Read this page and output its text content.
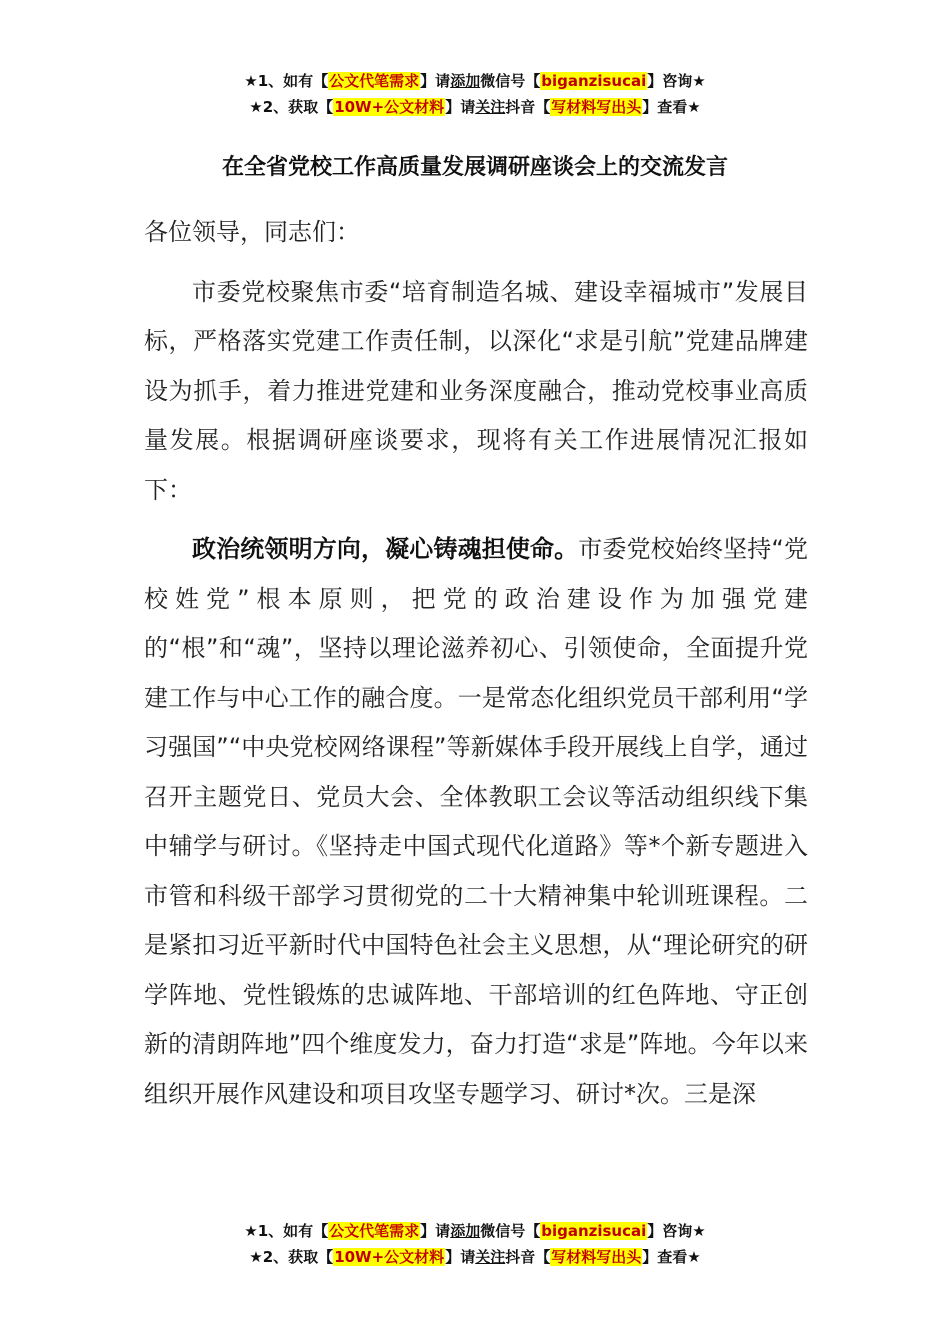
★1、如有【公文代笔需求】请添加微信号【biganzisucai】咨询★
★2、获取【10W+公文材料】请关注抖音【写材料写出头】查看★
在全省党校工作高质量发展调研座谈会上的交流发言

各位领导，同志们：

市委党校聚焦市委“培育制造名城、建设幸福城市”发展目标，严格落实党建工作责任制，以深化“求是引航”党建品牌建设为抓手，着力推进党建和业务深度融合，推动党校事业高质量发展。根据调研座谈要求，现将有关工作进展情况汇报如下：

政治统领明方向，凝心铸魂担使命。市委党校始终坚持“党校姓党”根本原则，把党的政治建设作为加强党建的“根”和“魂”，坚持以理论滋养初心、引领使命，全面提升党建工作与中心工作的融合度。一是常态化组织党员干部利用“学习强国”“中央党校网络课程”等新媒体手段开展线上自学，通过召开主题党日、党员大会、全体教职工会议等活动组织线下集中辅学与研讨。《坚持走中国式现代化道路》等*个新专题进入市管和科级干部学习贯彻党的二十大精神集中轮训班课程。二是紧扣习近平新时代中国特色社会主义思想，从“理论研究的研学阵地、党性锻炼的忠诚阵地、干部培训的红色阵地、守正创新的清朗阵地”四个维度发力，奋力打造“求是”阵地。今年以来组织开展作风建设和项目攻坚专题学习、研讨*次。三是深

★1、如有【公文代笔需求】请添加微信号【biganzisucai】咨询★
★2、获取【10W+公文材料】请关注抖音【写材料写出头】查看★
